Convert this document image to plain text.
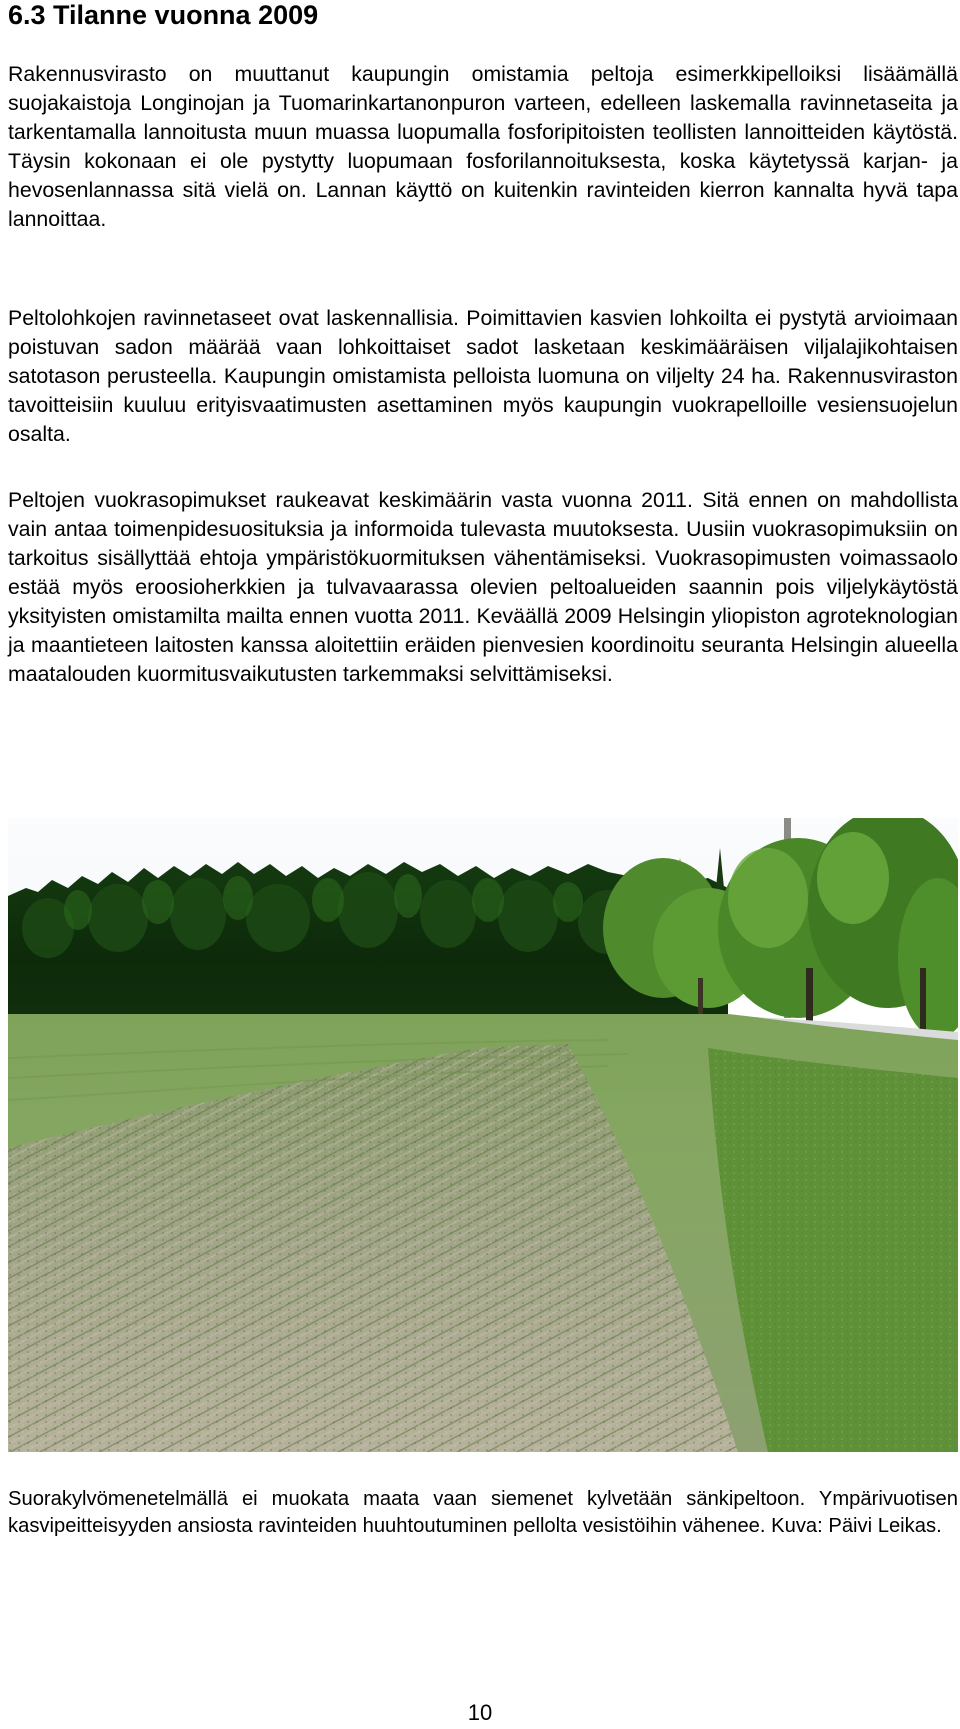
6.3 Tilanne vuonna 2009

Rakennusvirasto on muuttanut kaupungin omistamia peltoja esimerkkipelloiksi lisäämällä suojakaistoja Longinojan ja Tuomarinkartanonpuron varteen, edelleen laskemalla ravinnetaseita ja tarkentamalla lannoitusta muun muassa luopumalla fosforipitoisten teollisten lannoitteiden käytöstä. Täysin kokonaan ei ole pystytty luopumaan fosforilannoituksesta, koska käytetyssä karjan- ja hevosenlannassa sitä vielä on. Lannan käyttö on kuitenkin ravinteiden kierron kannalta hyvä tapa lannoittaa.

Peltolohkojen ravinnetaseet ovat laskennallisia. Poimittavien kasvien lohkoilta ei pystytä arvioimaan poistuvan sadon määrää vaan lohkoittaiset sadot lasketaan keskimääräisen viljalajikohtaisen satotason perusteella. Kaupungin omistamista pelloista luomuna on viljelty 24 ha. Rakennusviraston tavoitteisiin kuuluu erityisvaatimusten asettaminen myös kaupungin vuokrapelloille vesiensuojelun osalta.

Peltojen vuokrasopimukset raukeavat keskimäärin vasta vuonna 2011. Sitä ennen on mahdollista vain antaa toimenpidesuosituksia ja informoida tulevasta muutoksesta. Uusiin vuokrasopimuksiin on tarkoitus sisällyttää ehtoja ympäristökuormituksen vähentämiseksi. Vuokrasopimusten voimassaolo estää myös eroosioherkkien ja tulvavaarassa olevien peltoalueiden saannin pois viljelykäytöstä yksityisten omistamilta mailta ennen vuotta 2011. Keväällä 2009 Helsingin yliopiston agroteknologian ja maantieteen laitosten kanssa aloitettiin eräiden pienvesien koordinoitu seuranta Helsingin alueella maatalouden kuormitusvaikutusten tarkemmaksi selvittämiseksi.

Suorakylvömenetelmällä ei muokata maata vaan siemenet kylvetään sänkipeltoon. Ympärivuotisen kasvipeitteisyyden ansiosta ravinteiden huuhtoutuminen pellolta vesistöihin vähenee. Kuva: Päivi Leikas.

10
